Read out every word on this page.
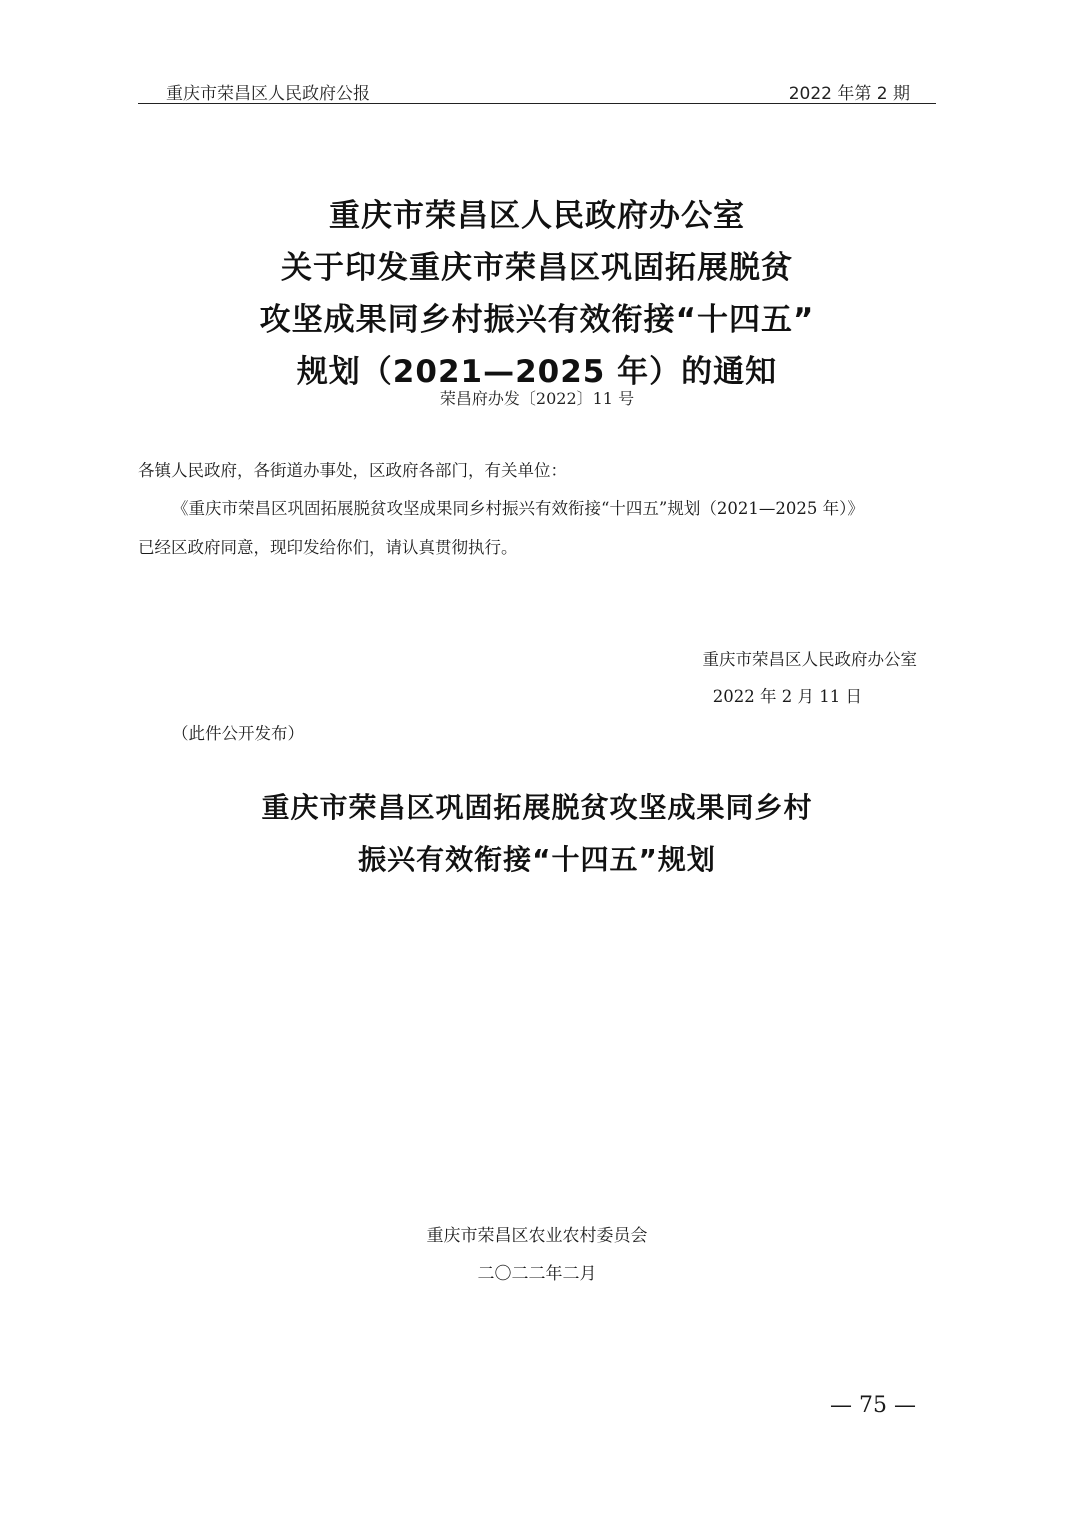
重庆市荣昌区人民政府公报	2022 年第 2 期
重庆市荣昌区人民政府办公室
关于印发重庆市荣昌区巩固拓展脱贫
攻坚成果同乡村振兴有效衔接“十四五”
规划（2021—2025 年）的通知
荣昌府办发〔2022〕11 号
各镇人民政府，各街道办事处，区政府各部门，有关单位：
《重庆市荣昌区巩固拓展脱贫攻坚成果同乡村振兴有效衔接“十四五”规划（2021—2025 年）》
已经区政府同意，现印发给你们，请认真贯彻执行。
重庆市荣昌区人民政府办公室
2022 年 2 月 11 日
（此件公开发布）
重庆市荣昌区巩固拓展脱贫攻坚成果同乡村
振兴有效衔接“十四五”规划
重庆市荣昌区农业农村委员会
二〇二二年二月
— 75 —
